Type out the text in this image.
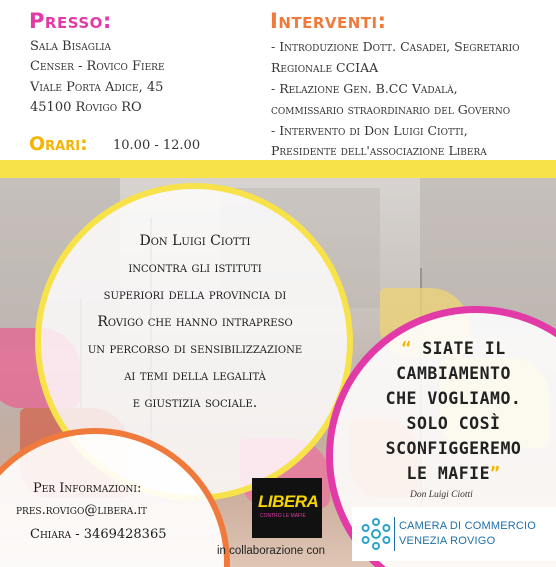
Presso:
Sala Bisaglia
Censer - Rovico Fiere
Viale Porta Adice, 45
45100 Rovigo RO
Orari: 10.00 - 12.00
Interventi:
- Introduzione Dott. Casadei, Segretario
Regionale CCIAA
- Relazione Gen. B.CC Vadalà,
commissario straordinario del Governo
- Intervento di Don Luigi Ciotti,
Presidente dell'associazione Libera
Don Luigi Ciotti
incontra gli istituti
superiori della provincia di
Rovigo che hanno intrapreso
un percorso di sensibilizzazione
ai temi della legalità
e giustizia sociale.
“ SIATE IL
CAMBIAMENTO
CHE VOGLIAMO.
SOLO COSÌ
SCONFIGGEREMO
LE MAFIE”
Don Luigi Ciotti
Per Informazioni:
pres.rovigo@libera.it
Chiara - 3469428365
LIBERA
CONTRO LE MAFIE
in collaborazione con
CAMERA DI COMMERCIO
VENEZIA ROVIGO
